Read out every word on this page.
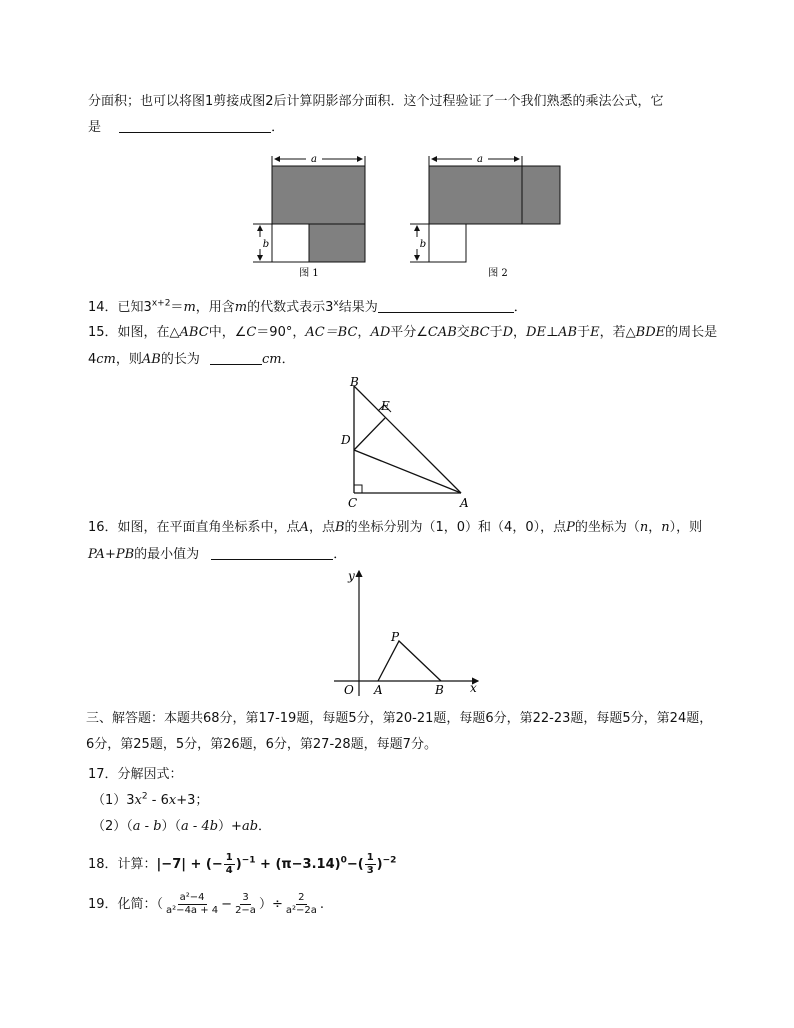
分面积；也可以将图1剪接成图2后计算阴影部分面积．这个过程验证了一个我们熟悉的乘法公式，它
是	．
a
b
图 1
a
b
图 2
14．已知$3^{x+2}=m$，用含m的代数式表示3$^x$结果为	．
15．如图，在△ABC中，∠C＝90°，AC＝BC，AD平分∠CAB交BC于D，DE⊥AB于E，若△BDE的周长是
4cm，则AB的长为	cm．
B
E
D
C	A
16．如图，在平面直角坐标系中，点A，点B的坐标分别为（1，0）和（4，0），点P的坐标为（n，n），则
PA+PB的最小值为	．
y
x
O A	B
P
三、解答题：本题共68分，第17-19题，每题5分，第20-21题，每题6分，第22-23题，每题5分，第24题，
6分，第25题，5分，第26题，6分，第27-28题，每题7分。
17．分解因式：
$(1)3x^2 - 6x+3$；
（2）（a - b）（a - 4b）+ab．
18．计算：|−7| + (− $\frac{1}{4} )^{-1} + (\pi-3.14)^0-( \frac{1}{3} )^{-2}$
19．化简：（ $\frac{\text{a²−4}}{\text{a²−4a + 4}} - \frac{3}{2-a}$ ）÷ $\frac{2}{\text{a²−2a}}$ .
